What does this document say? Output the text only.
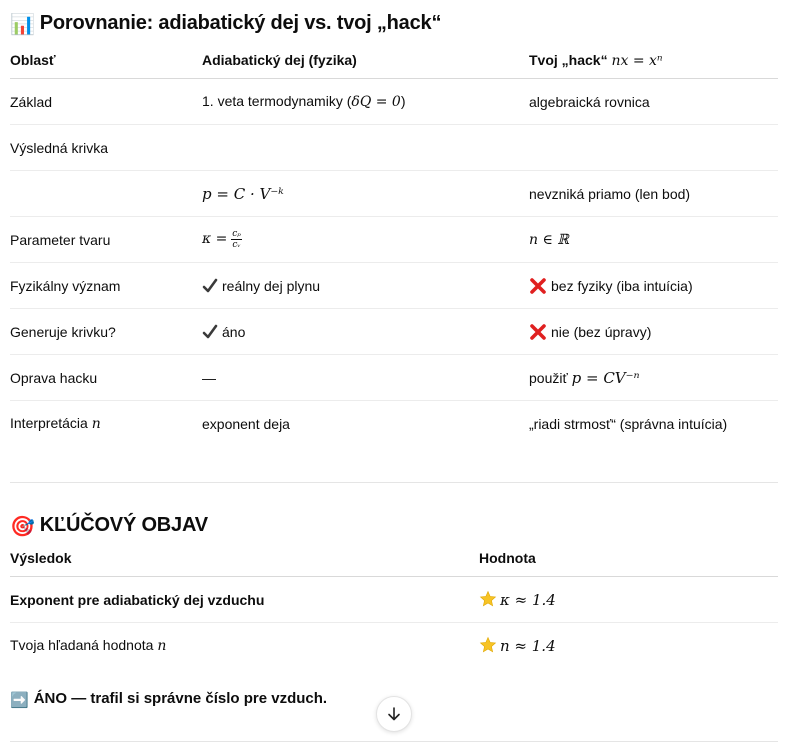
📊 Porovnanie: adiabatický dej vs. tvoj „hack“
Oblasť	Adiabatický dej (fyzika)	Tvoj „hack“ nx = xⁿ
Základ	1. veta termodynamiky (δQ = 0)	algebraická rovnica
Výsledná krivka		
	p = C · V⁻ᵏ	nevzniká priamo (len bod)
Parameter tvaru	$\kappa = \frac{\text{cₚ}}{\text{cᵥ}}$	n ∈ ℝ
Fyzikálny význam	reálny dej plynu	bez fyziky (iba intuícia)
Generuje krivku?	áno	nie (bez úpravy)
Oprava hacku	—	použiť p = CV⁻ⁿ
Interpretácia n	exponent deja	„riadi strmosť“ (správna intuícia)
🎯 KĽÚČOVÝ OBJAV
Výsledok	Hodnota
Exponent pre adiabatický dej vzduchu	κ ≈ 1.4
Tvoja hľadaná hodnota n	n ≈ 1.4
➡️ ÁNO — trafil si správne číslo pre vzduch.
